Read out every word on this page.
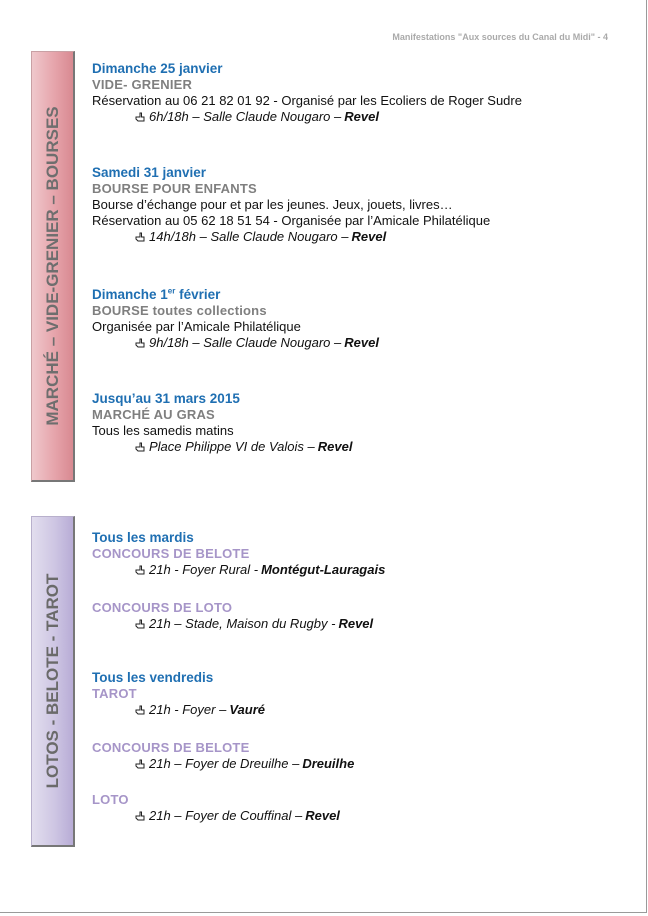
Manifestations "Aux sources du Canal du Midi" - 4
MARCHÉ – VIDE-GRENIER – BOURSES
LOTOS - BELOTE - TAROT
Dimanche 25 janvier
VIDE- GRENIER
Réservation au 06 21 82 01 92 - Organisé par les Ecoliers de Roger Sudre
6h/18h – Salle Claude Nougaro – Revel
Samedi 31 janvier
BOURSE POUR ENFANTS
Bourse d’échange pour et par les jeunes. Jeux, jouets, livres…
Réservation au 05 62 18 51 54 - Organisée par l’Amicale Philatélique
14h/18h – Salle Claude Nougaro – Revel
Dimanche 1er février
BOURSE toutes collections
Organisée par l’Amicale Philatélique
9h/18h – Salle Claude Nougaro – Revel
Jusqu’au 31 mars 2015
MARCHÉ AU GRAS
Tous les samedis matins
Place Philippe VI de Valois – Revel
Tous les mardis
CONCOURS DE BELOTE
21h - Foyer Rural - Montégut-Lauragais
CONCOURS DE LOTO
21h – Stade, Maison du Rugby - Revel
Tous les vendredis
TAROT
21h - Foyer – Vauré
CONCOURS DE BELOTE
21h – Foyer de Dreuilhe – Dreuilhe
LOTO
21h – Foyer de Couffinal – Revel
